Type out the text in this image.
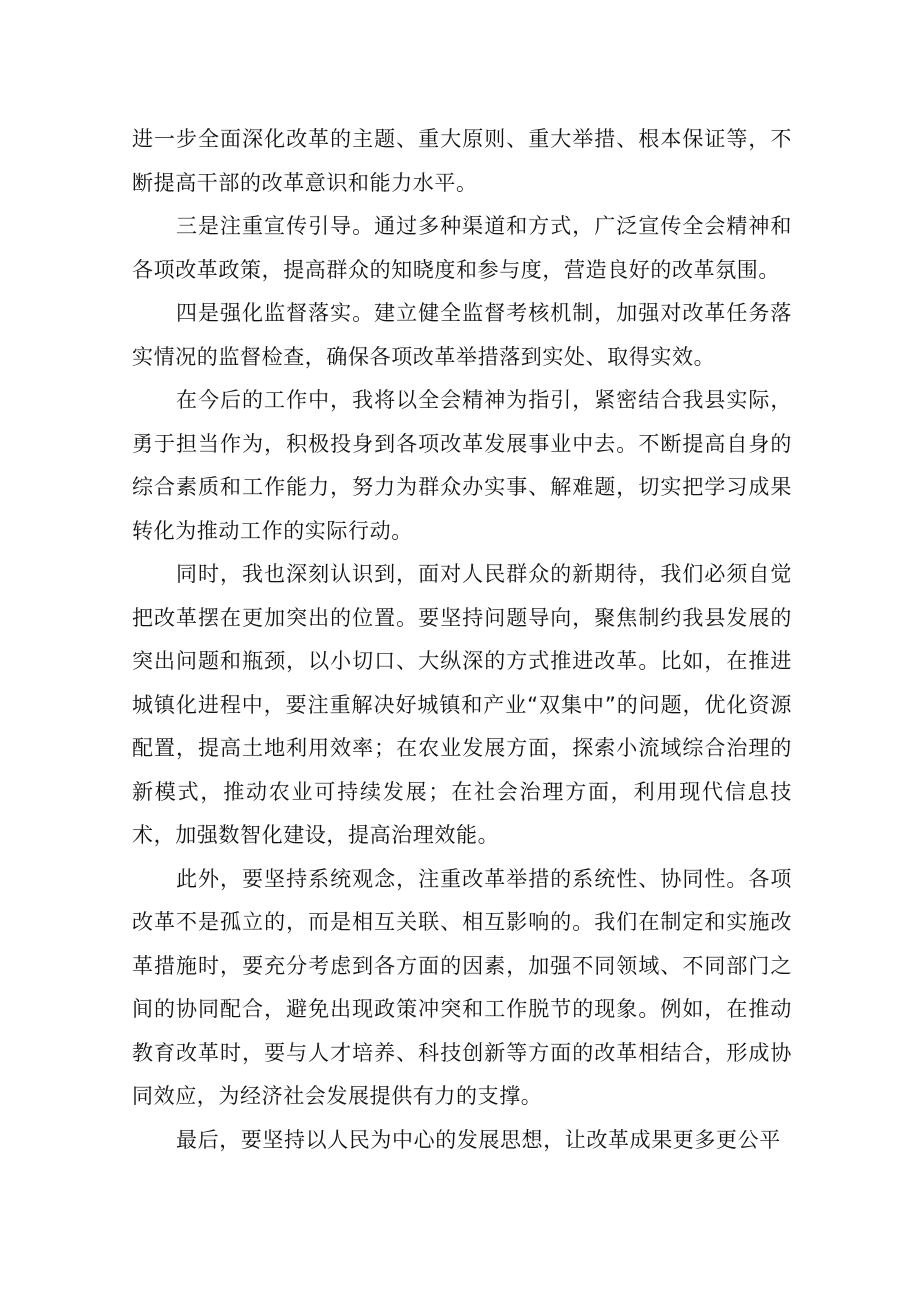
进一步全面深化改革的主题、重大原则、重大举措、根本保证等，不断提高干部的改革意识和能力水平。

三是注重宣传引导。通过多种渠道和方式，广泛宣传全会精神和各项改革政策，提高群众的知晓度和参与度，营造良好的改革氛围。

四是强化监督落实。建立健全监督考核机制，加强对改革任务落实情况的监督检查，确保各项改革举措落到实处、取得实效。

在今后的工作中，我将以全会精神为指引，紧密结合我县实际，勇于担当作为，积极投身到各项改革发展事业中去。不断提高自身的综合素质和工作能力，努力为群众办实事、解难题，切实把学习成果转化为推动工作的实际行动。

同时，我也深刻认识到，面对人民群众的新期待，我们必须自觉把改革摆在更加突出的位置。要坚持问题导向，聚焦制约我县发展的突出问题和瓶颈，以小切口、大纵深的方式推进改革。比如，在推进城镇化进程中，要注重解决好城镇和产业“双集中”的问题，优化资源配置，提高土地利用效率；在农业发展方面，探索小流域综合治理的新模式，推动农业可持续发展；在社会治理方面，利用现代信息技术，加强数智化建设，提高治理效能。

此外，要坚持系统观念，注重改革举措的系统性、协同性。各项改革不是孤立的，而是相互关联、相互影响的。我们在制定和实施改革措施时，要充分考虑到各方面的因素，加强不同领域、不同部门之间的协同配合，避免出现政策冲突和工作脱节的现象。例如，在推动教育改革时，要与人才培养、科技创新等方面的改革相结合，形成协同效应，为经济社会发展提供有力的支撑。

最后，要坚持以人民为中心的发展思想，让改革成果更多更公平
